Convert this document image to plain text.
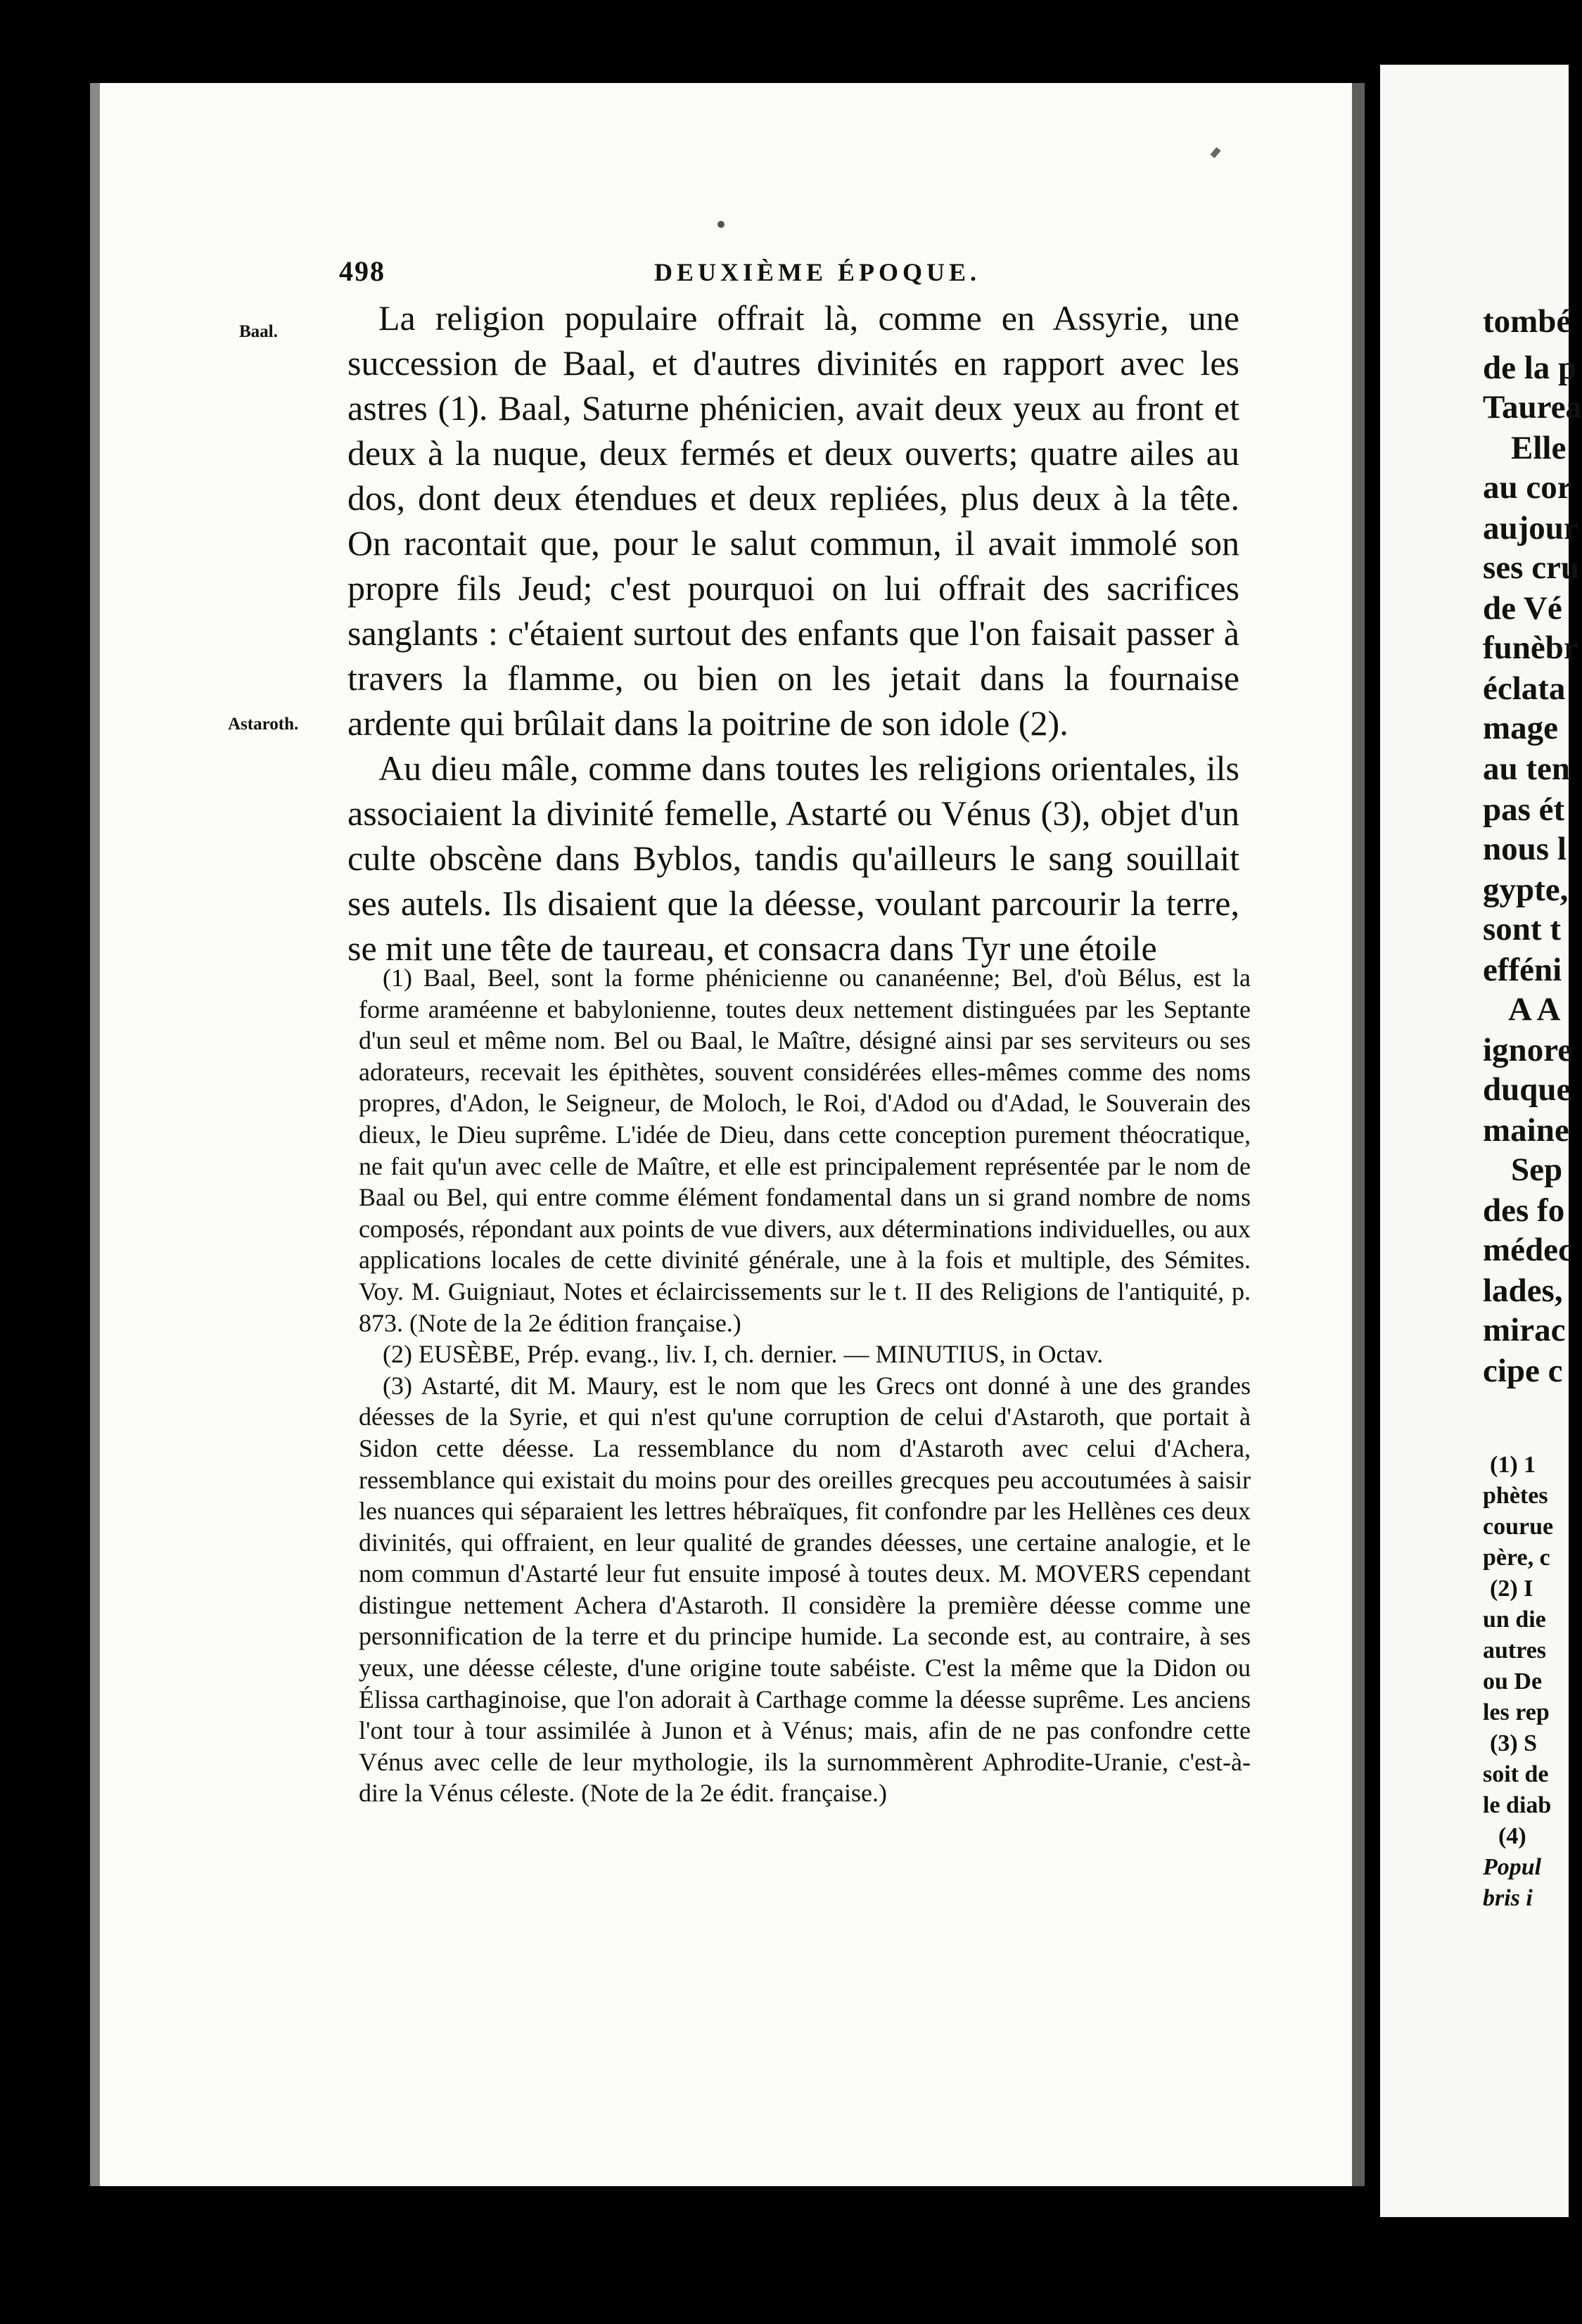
498	DEUXIÈME ÉPOQUE.
Baal.
Astaroth.

La religion populaire offrait là, comme en Assyrie, une succession de Baal, et d'autres divinités en rapport avec les astres (1). Baal, Saturne phénicien, avait deux yeux au front et deux à la nuque, deux fermés et deux ouverts; quatre ailes au dos, dont deux étendues et deux repliées, plus deux à la tête. On racontait que, pour le salut commun, il avait immolé son propre fils Jeud; c'est pourquoi on lui offrait des sacrifices sanglants : c'étaient surtout des enfants que l'on faisait passer à travers la flamme, ou bien on les jetait dans la fournaise ardente qui brûlait dans la poitrine de son idole (2).

Au dieu mâle, comme dans toutes les religions orientales, ils associaient la divinité femelle, Astarté ou Vénus (3), objet d'un culte obscène dans Byblos, tandis qu'ailleurs le sang souillait ses autels. Ils disaient que la déesse, voulant parcourir la terre, se mit une tête de taureau, et consacra dans Tyr une étoile

(1) Baal, Beel, sont la forme phénicienne ou cananéenne; Bel, d'où Bélus, est la forme araméenne et babylonienne, toutes deux nettement distinguées par les Septante d'un seul et même nom. Bel ou Baal, le Maître, désigné ainsi par ses serviteurs ou ses adorateurs, recevait les épithètes, souvent considérées elles-mêmes comme des noms propres, d'Adon, le Seigneur, de Moloch, le Roi, d'Adod ou d'Adad, le Souverain des dieux, le Dieu suprême. L'idée de Dieu, dans cette conception purement théocratique, ne fait qu'un avec celle de Maître, et elle est principalement représentée par le nom de Baal ou Bel, qui entre comme élément fondamental dans un si grand nombre de noms composés, répondant aux points de vue divers, aux déterminations individuelles, ou aux applications locales de cette divinité générale, une à la fois et multiple, des Sémites. Voy. M. Guigniaut, Notes et éclaircissements sur le t. II des Religions de l'antiquité, p. 873. (Note de la 2e édition française.)

(2) EUSÈBE, Prép. evang., liv. I, ch. dernier. — MINUTIUS, in Octav.

(3) Astarté, dit M. Maury, est le nom que les Grecs ont donné à une des grandes déesses de la Syrie, et qui n'est qu'une corruption de celui d'Astaroth, que portait à Sidon cette déesse. La ressemblance du nom d'Astaroth avec celui d'Achera, ressemblance qui existait du moins pour des oreilles grecques peu accoutumées à saisir les nuances qui séparaient les lettres hébraïques, fit confondre par les Hellènes ces deux divinités, qui offraient, en leur qualité de grandes déesses, une certaine analogie, et le nom commun d'Astarté leur fut ensuite imposé à toutes deux. M. MOVERS cependant distingue nettement Achera d'Astaroth. Il considère la première déesse comme une personnification de la terre et du principe humide. La seconde est, au contraire, à ses yeux, une déesse céleste, d'une origine toute sabéiste. C'est la même que la Didon ou Élissa carthaginoise, que l'on adorait à Carthage comme la déesse suprême. Les anciens l'ont tour à tour assimilée à Junon et à Vénus; mais, afin de ne pas confondre cette Vénus avec celle de leur mythologie, ils la surnommèrent Aphrodite-Uranie, c'est-à-dire la Vénus céleste. (Note de la 2e édit. française.)

tombé
de la p
Taurea
Elle
au cor
aujour
ses cru
de Vé
funèbr
éclata
mage
au ten
pas ét
nous l
gypte,
sont t
efféni
A A
ignore
duque
maine
Sep
des fo
médec
lades,
mirac
cipe c
(1) 1
phètes
courue
père, c
(2) I
un die
autres
ou De
les rep
(3) S
soit de
le diab
(4)
Popul
bris i
